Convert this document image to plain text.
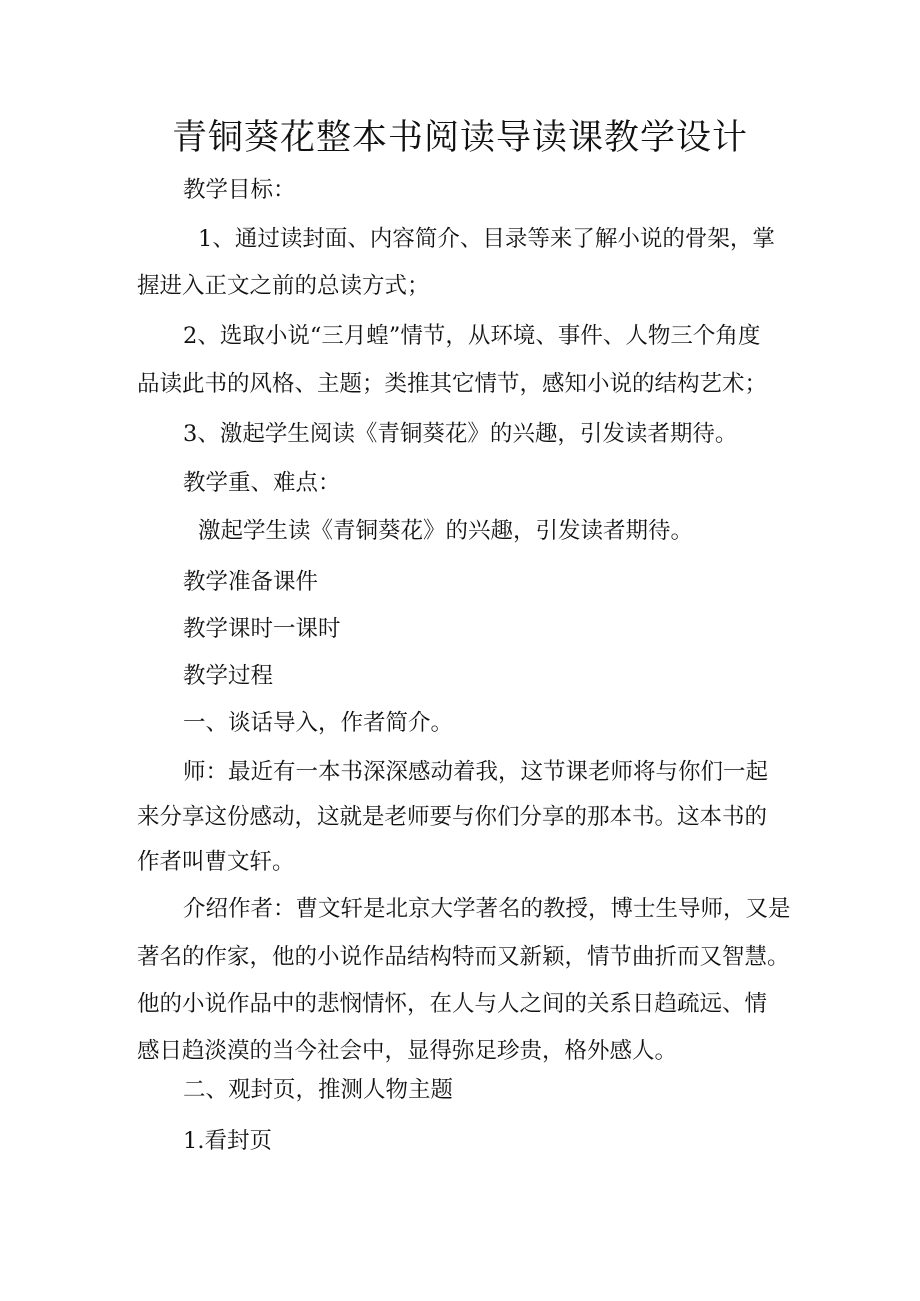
青铜葵花整本书阅读导读课教学设计

教学目标：

1、通过读封面、内容简介、目录等来了解小说的骨架，掌

握进入正文之前的总读方式；

2、选取小说“三月蝗”情节，从环境、事件、人物三个角度

品读此书的风格、主题；类推其它情节，感知小说的结构艺术；

3、激起学生阅读《青铜葵花》的兴趣，引发读者期待。

教学重、难点：

激起学生读《青铜葵花》的兴趣，引发读者期待。

教学准备课件

教学课时一课时

教学过程

一、谈话导入，作者简介。

师：最近有一本书深深感动着我，这节课老师将与你们一起

来分享这份感动，这就是老师要与你们分享的那本书。这本书的

作者叫曹文轩。

介绍作者：曹文轩是北京大学著名的教授，博士生导师，又是

著名的作家，他的小说作品结构特而又新颖，情节曲折而又智慧。

他的小说作品中的悲悯情怀，在人与人之间的关系日趋疏远、情

感日趋淡漠的当今社会中，显得弥足珍贵，格外感人。

二、观封页，推测人物主题

1.看封页
